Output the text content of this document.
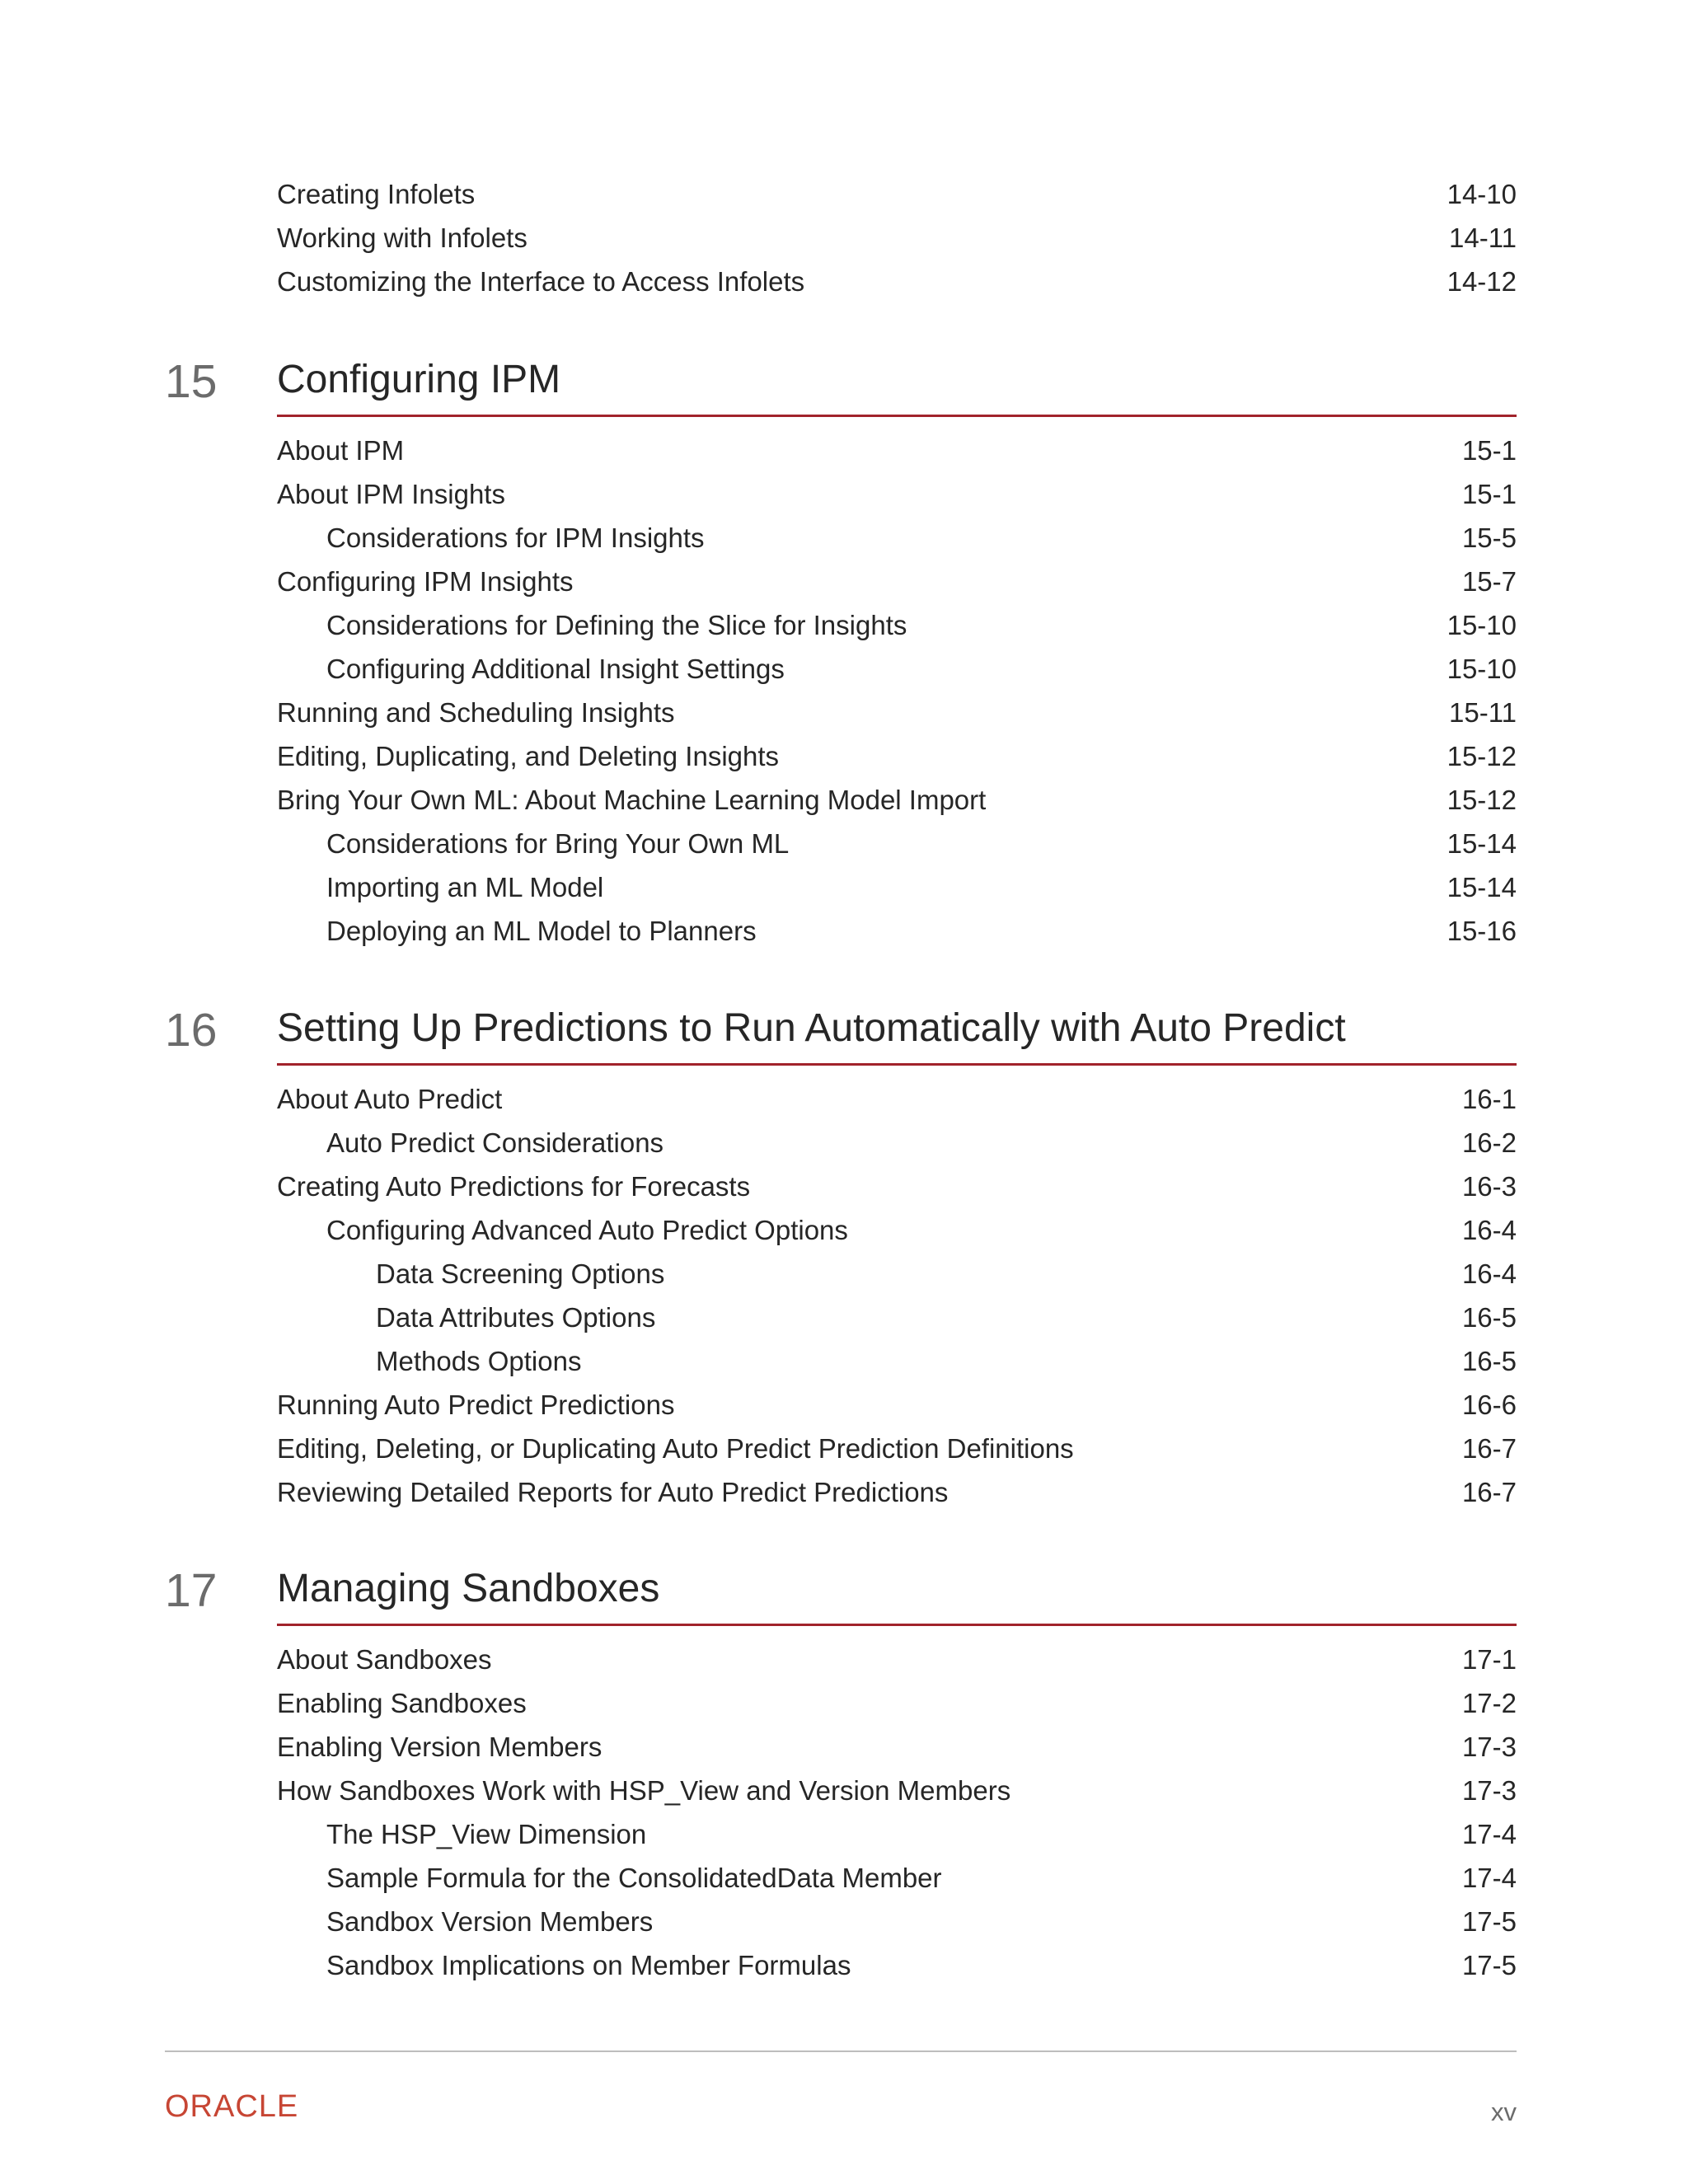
Creating Infolets	14-10
Working with Infolets	14-11
Customizing the Interface to Access Infolets	14-12
15 Configuring IPM
About IPM	15-1
About IPM Insights	15-1
Considerations for IPM Insights	15-5
Configuring IPM Insights	15-7
Considerations for Defining the Slice for Insights	15-10
Configuring Additional Insight Settings	15-10
Running and Scheduling Insights	15-11
Editing, Duplicating, and Deleting Insights	15-12
Bring Your Own ML: About Machine Learning Model Import	15-12
Considerations for Bring Your Own ML	15-14
Importing an ML Model	15-14
Deploying an ML Model to Planners	15-16
16 Setting Up Predictions to Run Automatically with Auto Predict
About Auto Predict	16-1
Auto Predict Considerations	16-2
Creating Auto Predictions for Forecasts	16-3
Configuring Advanced Auto Predict Options	16-4
Data Screening Options	16-4
Data Attributes Options	16-5
Methods Options	16-5
Running Auto Predict Predictions	16-6
Editing, Deleting, or Duplicating Auto Predict Prediction Definitions	16-7
Reviewing Detailed Reports for Auto Predict Predictions	16-7
17 Managing Sandboxes
About Sandboxes	17-1
Enabling Sandboxes	17-2
Enabling Version Members	17-3
How Sandboxes Work with HSP_View and Version Members	17-3
The HSP_View Dimension	17-4
Sample Formula for the ConsolidatedData Member	17-4
Sandbox Version Members	17-5
Sandbox Implications on Member Formulas	17-5
ORACLE	xv
